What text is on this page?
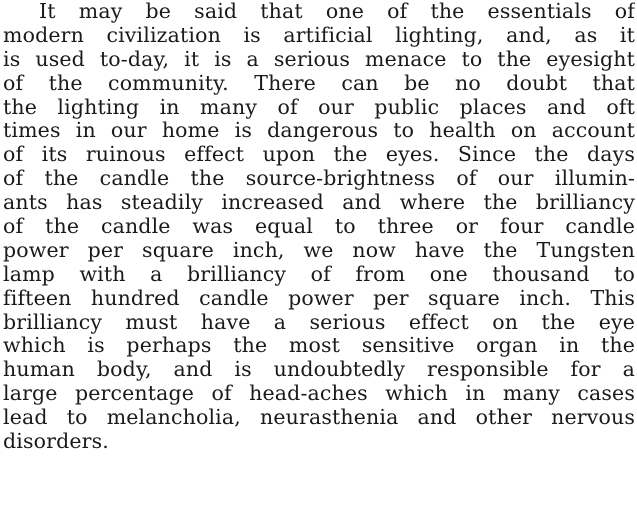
It may be said that one of the essentials of
modern civilization is artificial lighting, and, as it
is used to-day, it is a serious menace to the eyesight
of the community. There can be no doubt that
the lighting in many of our public places and oft
times in our home is dangerous to health on account
of its ruinous effect upon the eyes. Since the days
of the candle the source-brightness of our illumin-
ants has steadily increased and where the brilliancy
of the candle was equal to three or four candle
power per square inch, we now have the Tungsten
lamp with a brilliancy of from one thousand to
fifteen hundred candle power per square inch. This
brilliancy must have a serious effect on the eye
which is perhaps the most sensitive organ in the
human body, and is undoubtedly responsible for a
large percentage of head-aches which in many cases
lead to melancholia, neurasthenia and other nervous
disorders.
